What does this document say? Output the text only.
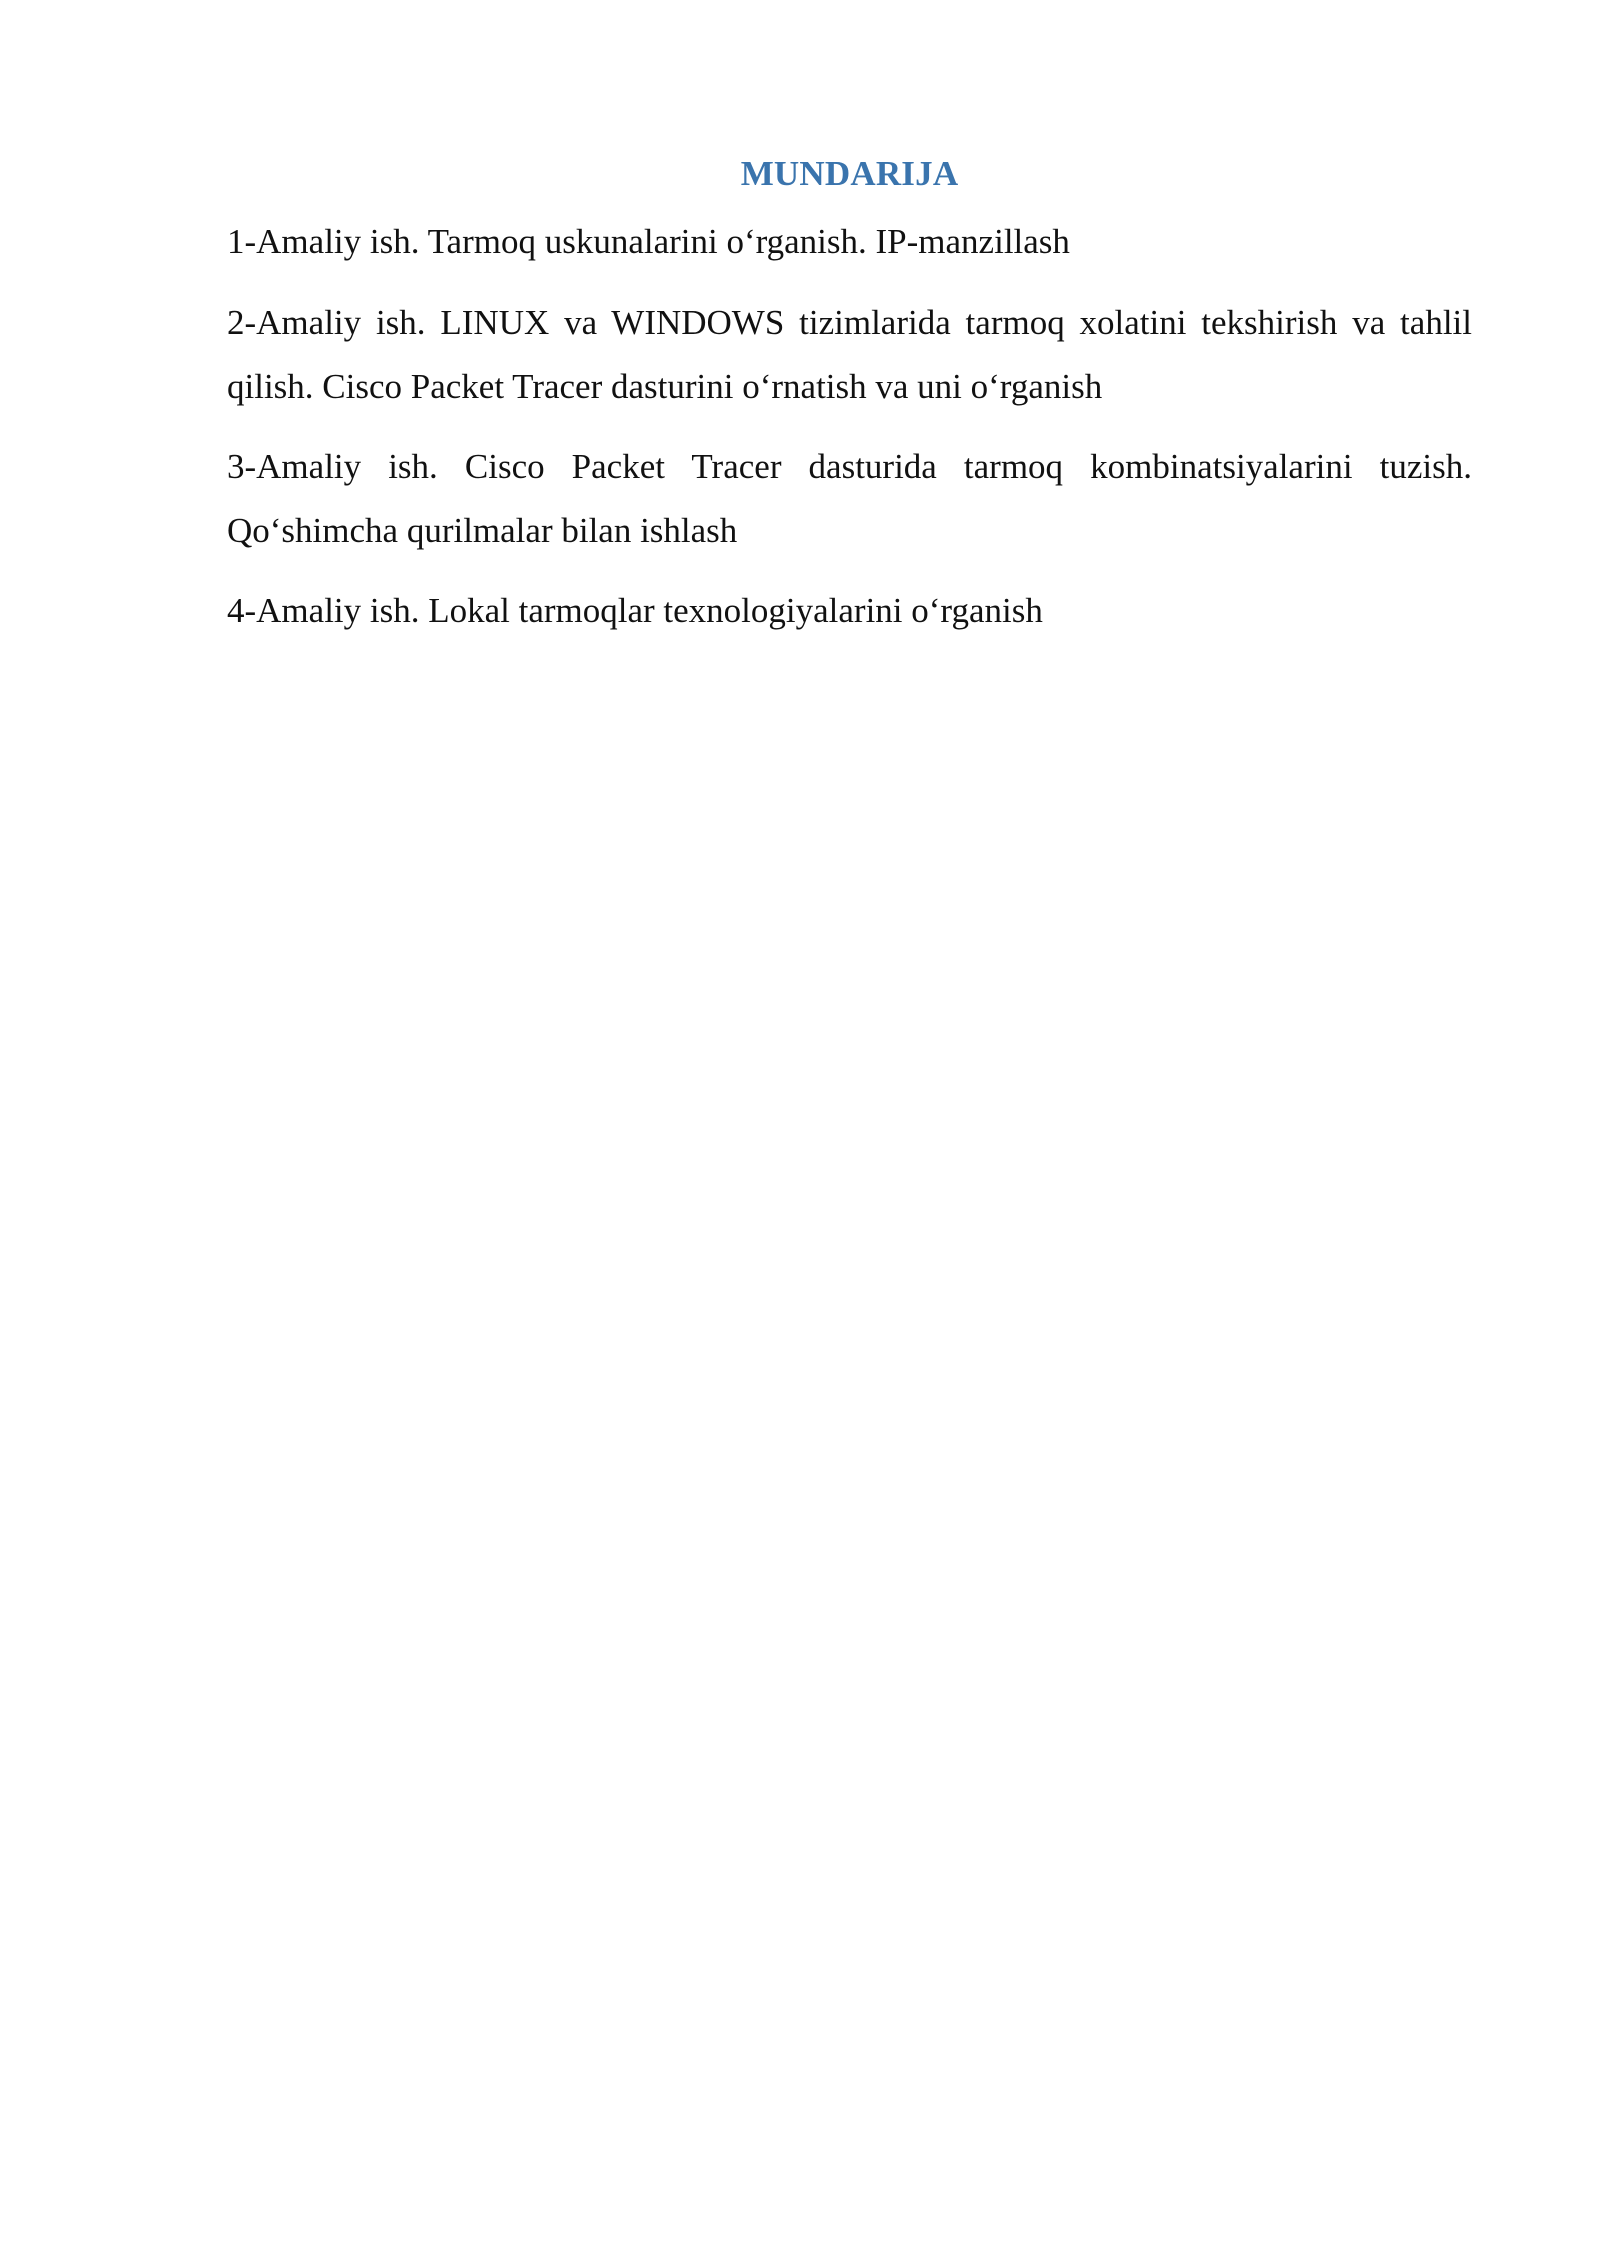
MUNDARIJA
1-Amaliy ish. Tarmoq uskunalarini o‘rganish. IP-manzillash
2-Amaliy ish. LINUX va WINDOWS tizimlarida tarmoq xolatini tekshirish va tahlil qilish. Cisco Packet Tracer dasturini o‘rnatish va uni o‘rganish
3-Amaliy ish. Cisco Packet Tracer dasturida tarmoq kombinatsiyalarini tuzish. Qo‘shimcha qurilmalar bilan ishlash
4-Amaliy ish. Lokal tarmoqlar texnologiyalarini o‘rganish
